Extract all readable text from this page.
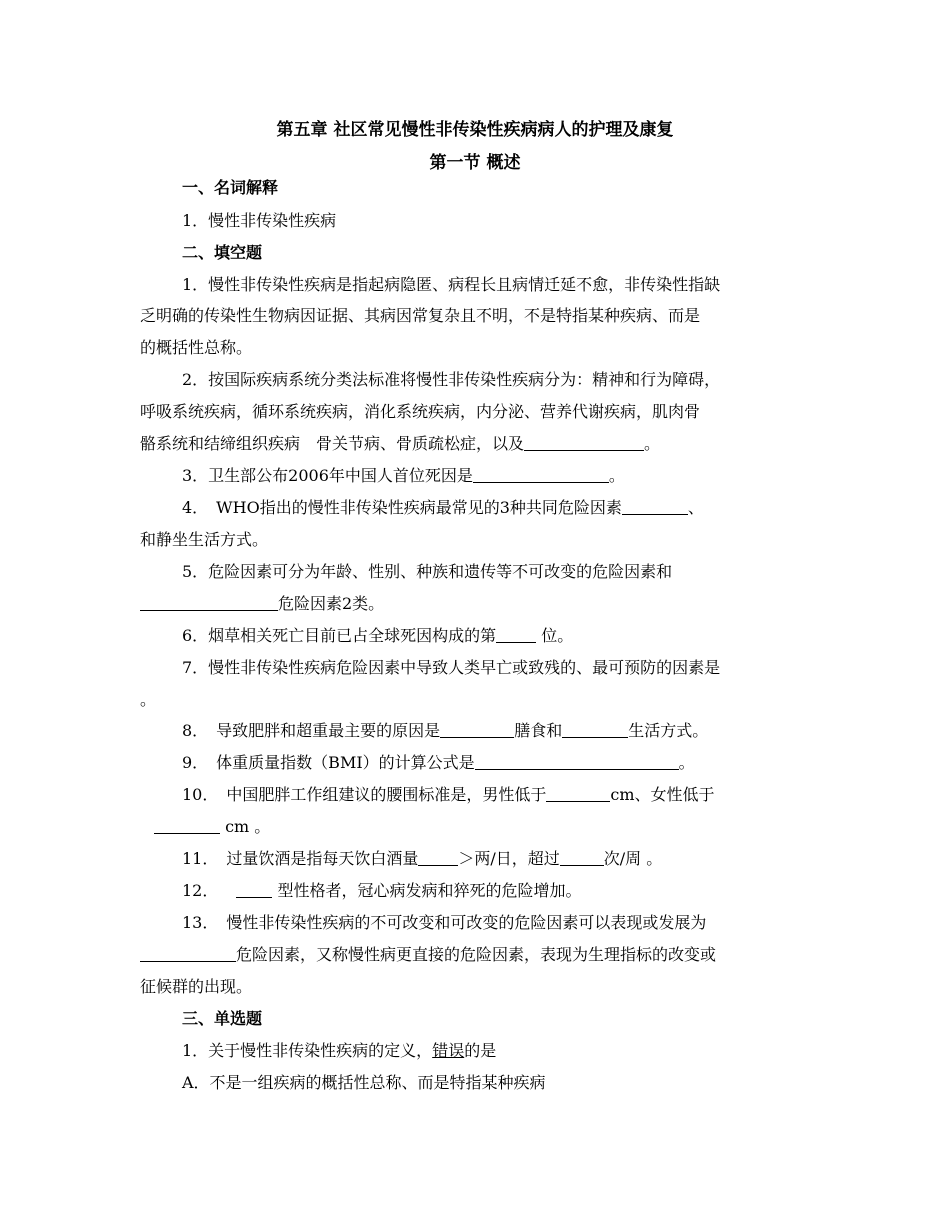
第五章 社区常见慢性非传染性疾病病人的护理及康复
第一节 概述
一、名词解释
1．慢性非传染性疾病
二、填空题
1．慢性非传染性疾病是指起病隐匿、病程长且病情迁延不愈，非传染性指缺
乏明确的传染性生物病因证据、其病因常复杂且不明，不是特指某种疾病、而是
的概括性总称。
2．按国际疾病系统分类法标准将慢性非传染性疾病分为：精神和行为障碍，
呼吸系统疾病，循环系统疾病，消化系统疾病，内分泌、营养代谢疾病，肌肉骨
骼系统和结缔组织疾病　骨关节病、骨质疏松症，以及	。
3．卫生部公布2006年中国人首位死因是	。
4．　WHO指出的慢性非传染性疾病最常见的3种共同危险因素	、
和静坐生活方式。
5．危险因素可分为年龄、性别、种族和遗传等不可改变的危险因素和
危险因素2类。
6．烟草相关死亡目前已占全球死因构成的第	位。
7．慢性非传染性疾病危险因素中导致人类早亡或致残的、最可预防的因素是
。
8．　导致肥胖和超重最主要的原因是	膳食和	生活方式。
9．　体重质量指数（BMI）的计算公式是	。
10．　中国肥胖工作组建议的腰围标准是，男性低于	cm、女性低于
cm 。
11．　过量饮酒是指每天饮白酒量	＞两/日，超过	次/周 。
12．	型性格者，冠心病发病和猝死的危险增加。
13．　慢性非传染性疾病的不可改变和可改变的危险因素可以表现或发展为
危险因素，又称慢性病更直接的危险因素，表现为生理指标的改变或
征候群的出现。
三、单选题
1．关于慢性非传染性疾病的定义，错误的是
A．不是一组疾病的概括性总称、而是特指某种疾病
